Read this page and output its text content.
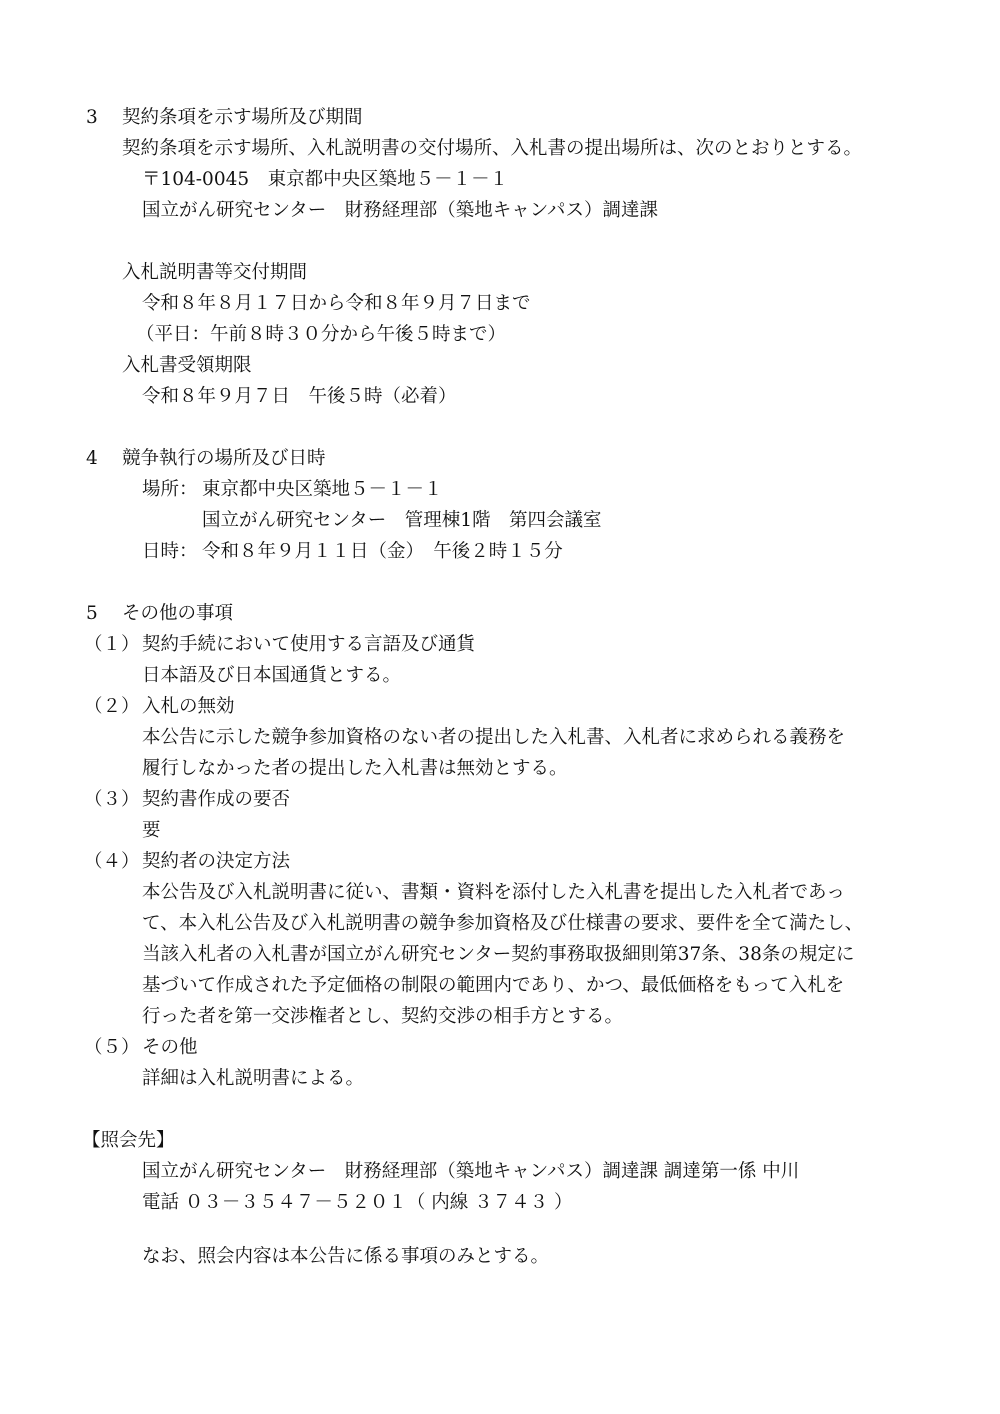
3 契約条項を示す場所及び期間
契約条項を示す場所、入札説明書の交付場所、入札書の提出場所は、次のとおりとする。
〒104-0045　東京都中央区築地５－１－１
国立がん研究センター　財務経理部（築地キャンパス）調達課
入札説明書等交付期間
令和８年８月１７日から令和８年９月７日まで
（平日：午前８時３０分から午後５時まで）
入札書受領期限
令和８年９月７日　午後５時（必着）
4 競争執行の場所及び日時
場所： 東京都中央区築地５－１－１
国立がん研究センター　管理棟1階　第四会議室
日時： 令和８年９月１１日（金）　午後２時１５分
5 その他の事項
（１） 契約手続において使用する言語及び通貨
日本語及び日本国通貨とする。
（２） 入札の無効
本公告に示した競争参加資格のない者の提出した入札書、入札者に求められる義務を
履行しなかった者の提出した入札書は無効とする。
（３） 契約書作成の要否
要
（４） 契約者の決定方法
本公告及び入札説明書に従い、書類・資料を添付した入札書を提出した入札者であっ
て、本入札公告及び入札説明書の競争参加資格及び仕様書の要求、要件を全て満たし、
当該入札者の入札書が国立がん研究センター契約事務取扱細則第37条、38条の規定に
基づいて作成された予定価格の制限の範囲内であり、かつ、最低価格をもって入札を
行った者を第一交渉権者とし、契約交渉の相手方とする。
（５） その他
詳細は入札説明書による。
【照会先】
国立がん研究センター　財務経理部（築地キャンパス）調達課 調達第一係 中川
電話 ０３－３５４７－５２０１（ 内線 ３７４３ ）
なお、照会内容は本公告に係る事項のみとする。
